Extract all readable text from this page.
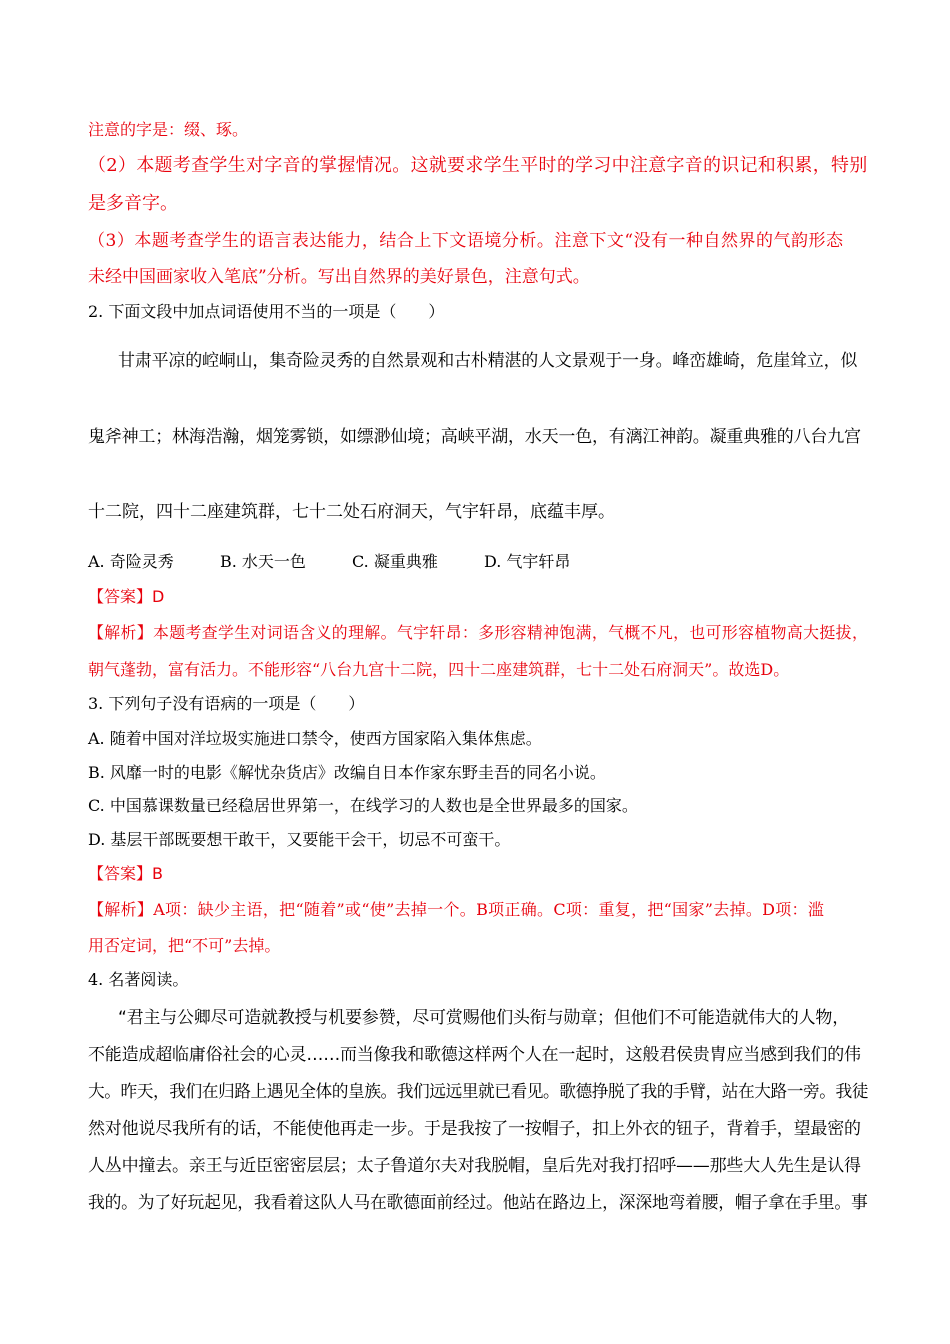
注意的字是：缀、琢。
（2）本题考查学生对字音的掌握情况。这就要求学生平时的学习中注意字音的识记和积累，特别
是多音字。
（3）本题考查学生的语言表达能力，结合上下文语境分析。注意下文“没有一种自然界的气韵形态
未经中国画家收入笔底”分析。写出自然界的美好景色，注意句式。
2. 下面文段中加点词语使用不当的一项是（　　）
甘肃平凉的崆峒山，集奇险灵秀的自然景观和古朴精湛的人文景观于一身。峰峦雄崎，危崖耸立，似
鬼斧神工；林海浩瀚，烟笼雾锁，如缥渺仙境；高峡平湖，水天一色，有漓江神韵。凝重典雅的八台九宫
十二院，四十二座建筑群，七十二处石府洞天，气宇轩昂，底蕴丰厚。
A. 奇险灵秀	B. 水天一色	C. 凝重典雅	D. 气宇轩昂
【答案】D
【解析】本题考查学生对词语含义的理解。气宇轩昂：多形容精神饱满，气概不凡，也可形容植物高大挺拔，
朝气蓬勃，富有活力。不能形容“八台九宫十二院，四十二座建筑群，七十二处石府洞天”。故选D。
3. 下列句子没有语病的一项是（　　）
A. 随着中国对洋垃圾实施进口禁令，使西方国家陷入集体焦虑。
B. 风靡一时的电影《解忧杂货店》改编自日本作家东野圭吾的同名小说。
C. 中国慕课数量已经稳居世界第一，在线学习的人数也是全世界最多的国家。
D. 基层干部既要想干敢干，又要能干会干，切忌不可蛮干。
【答案】B
【解析】A项：缺少主语，把“随着”或“使”去掉一个。B项正确。C项：重复，把“国家”去掉。D项：滥
用否定词，把“不可”去掉。
4. 名著阅读。
“君主与公卿尽可造就教授与机要参赞，尽可赏赐他们头衔与勋章；但他们不可能造就伟大的人物，
不能造成超临庸俗社会的心灵……而当像我和歌德这样两个人在一起时，这般君侯贵胄应当感到我们的伟
大。昨天，我们在归路上遇见全体的皇族。我们远远里就已看见。歌德挣脱了我的手臂，站在大路一旁。我徒
然对他说尽我所有的话，不能使他再走一步。于是我按了一按帽子，扣上外衣的钮子，背着手，望最密的
人丛中撞去。亲王与近臣密密层层；太子鲁道尔夫对我脱帽，皇后先对我打招呼——那些大人先生是认得
我的。为了好玩起见，我看着这队人马在歌德面前经过。他站在路边上，深深地弯着腰，帽子拿在手里。事
